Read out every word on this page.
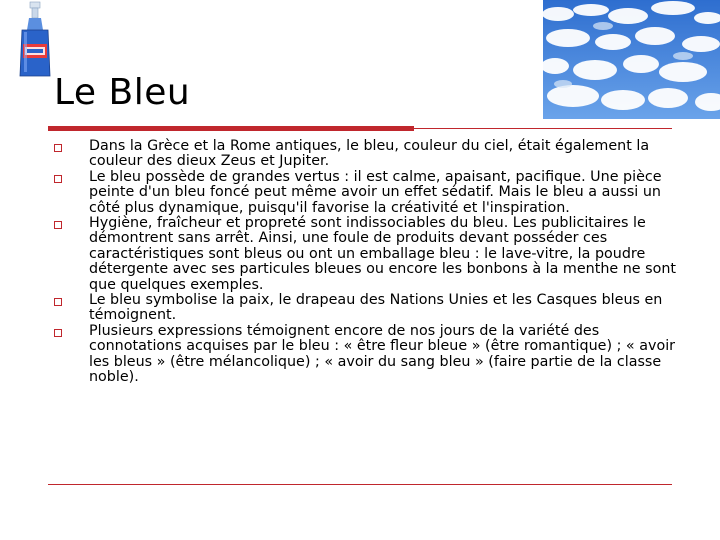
Le Bleu
Dans la Grèce et la Rome antiques, le bleu, couleur du ciel, était également la couleur des dieux Zeus et Jupiter.
Le bleu possède de grandes vertus : il est calme, apaisant, pacifique. Une pièce peinte d'un bleu foncé peut même avoir un effet sédatif. Mais le bleu a aussi un côté plus dynamique, puisqu'il favorise la créativité et l'inspiration.
Hygiène, fraîcheur et propreté sont indissociables du bleu. Les publicitaires le démontrent sans arrêt. Ainsi, une foule de produits devant posséder ces caractéristiques sont bleus ou ont un emballage bleu : le lave-vitre, la poudre détergente avec ses particules bleues ou encore les bonbons à la menthe ne sont que quelques exemples.
Le bleu symbolise la paix, le drapeau des Nations Unies et les Casques bleus en témoignent.
Plusieurs expressions témoignent encore de nos jours de la variété des connotations acquises par le bleu : « être fleur bleue » (être romantique) ; « avoir les bleus » (être mélancolique) ; « avoir du sang bleu » (faire partie de la classe noble).
